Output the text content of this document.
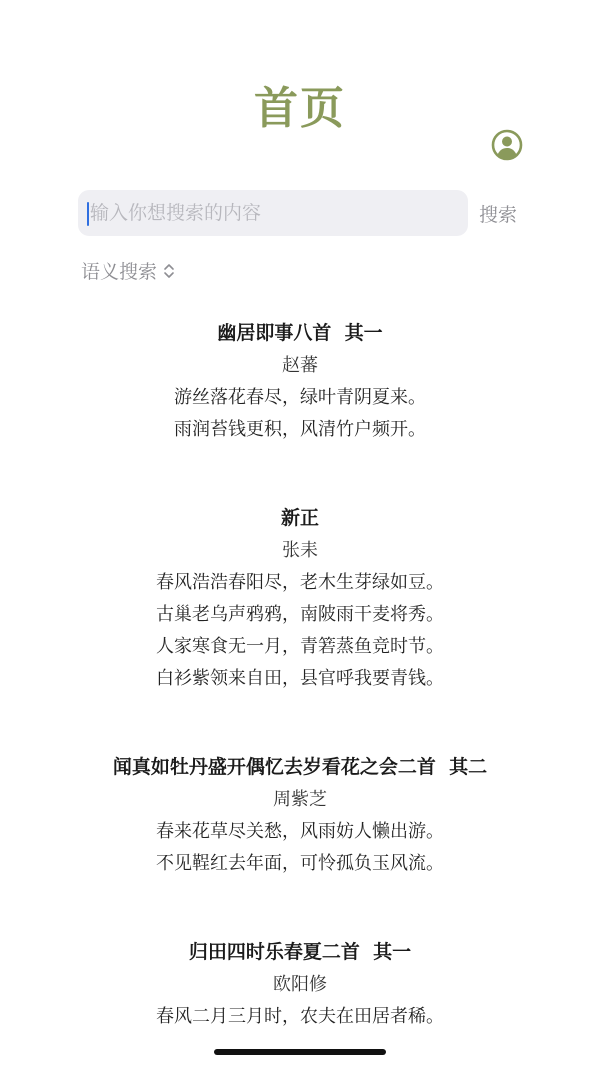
首页
输入你想搜索的内容
搜索
语义搜索
幽居即事八首  其一
赵蕃
游丝落花春尽，绿叶青阴夏来。
雨润苔钱更积，风清竹户频开。
新正
张耒
春风浩浩春阳尽，老木生芽绿如豆。
古巢老乌声鸦鸦，南陂雨干麦将秀。
人家寒食无一月，青箬蒸鱼竞时节。
白衫紫领来自田，县官呼我要青钱。
闻真如牡丹盛开偶忆去岁看花之会二首  其二
周紫芝
春来花草尽关愁，风雨妨人懒出游。
不见鞓红去年面，可怜孤负玉风流。
归田四时乐春夏二首  其一
欧阳修
春风二月三月时，农夫在田居者稀。
